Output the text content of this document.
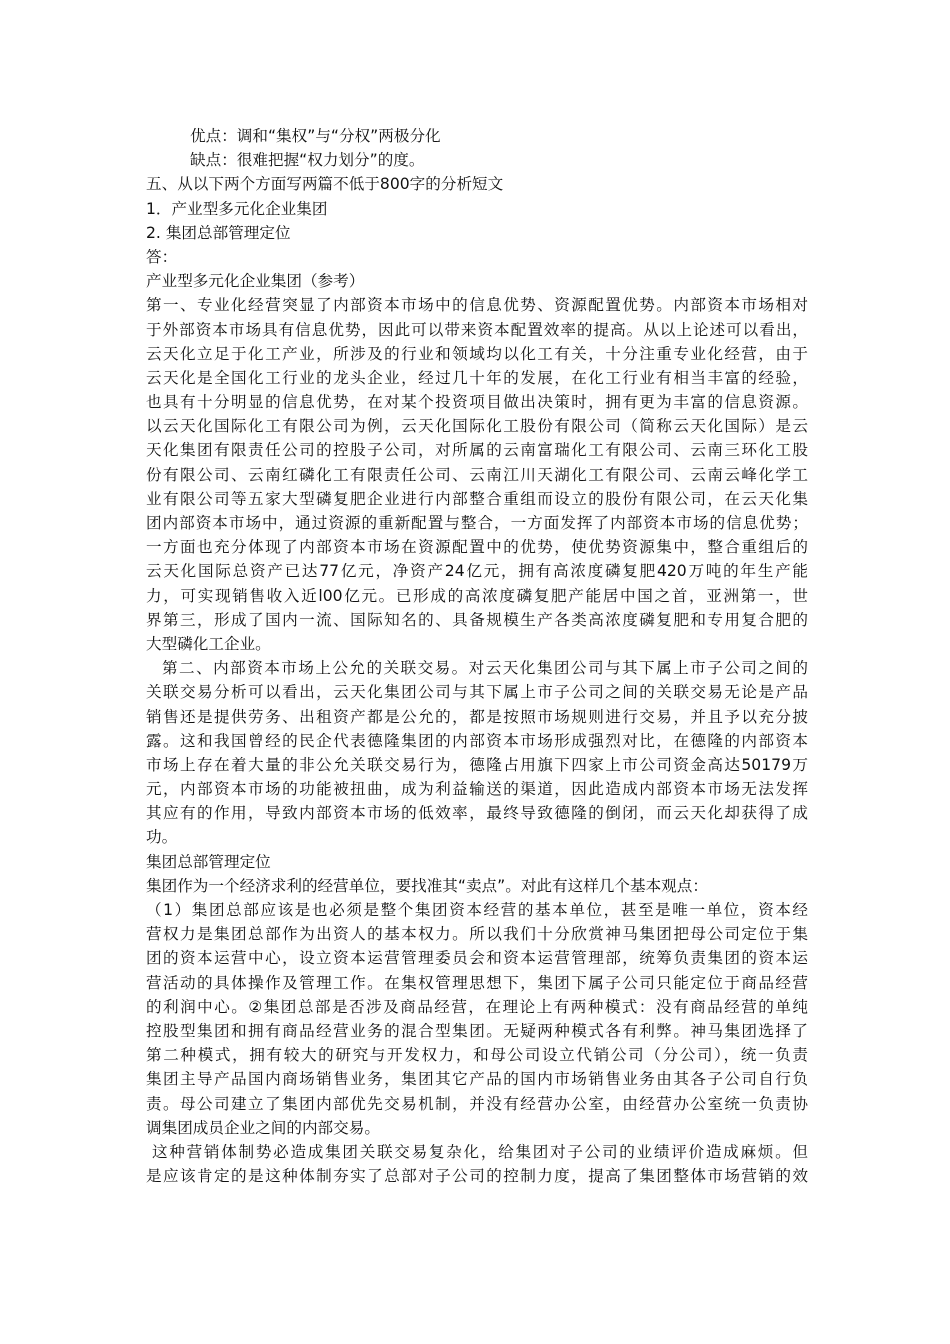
优点：调和“集权”与“分权”两极分化
缺点：很难把握“权力划分”的度。
五、从以下两个方面写两篇不低于800字的分析短文
1．产业型多元化企业集团
2. 集团总部管理定位
答：
产业型多元化企业集团（参考）
第一、专业化经营突显了内部资本市场中的信息优势、资源配置优势。内部资本市场相对
于外部资本市场具有信息优势，因此可以带来资本配置效率的提高。从以上论述可以看出，
云天化立足于化工产业，所涉及的行业和领域均以化工有关，十分注重专业化经营，由于
云天化是全国化工行业的龙头企业，经过几十年的发展，在化工行业有相当丰富的经验，
也具有十分明显的信息优势，在对某个投资项目做出决策时，拥有更为丰富的信息资源。
以云天化国际化工有限公司为例，云天化国际化工股份有限公司（简称云天化国际）是云
天化集团有限责任公司的控股子公司，对所属的云南富瑞化工有限公司、云南三环化工股
份有限公司、云南红磷化工有限责任公司、云南江川天湖化工有限公司、云南云峰化学工
业有限公司等五家大型磷复肥企业进行内部整合重组而设立的股份有限公司，在云天化集
团内部资本市场中，通过资源的重新配置与整合，一方面发挥了内部资本市场的信息优势；
一方面也充分体现了内部资本市场在资源配置中的优势，使优势资源集中，整合重组后的
云天化国际总资产已达77亿元，净资产24亿元，拥有高浓度磷复肥420万吨的年生产能
力，可实现销售收入近l00亿元。已形成的高浓度磷复肥产能居中国之首，亚洲第一，世
界第三，形成了国内一流、国际知名的、具备规模生产各类高浓度磷复肥和专用复合肥的
大型磷化工企业。
第二、内部资本市场上公允的关联交易。对云天化集团公司与其下属上市子公司之间的
关联交易分析可以看出，云天化集团公司与其下属上市子公司之间的关联交易无论是产品
销售还是提供劳务、出租资产都是公允的，都是按照市场规则进行交易，并且予以充分披
露。这和我国曾经的民企代表德隆集团的内部资本市场形成强烈对比，在德隆的内部资本
市场上存在着大量的非公允关联交易行为，德隆占用旗下四家上市公司资金高达50179万
元，内部资本市场的功能被扭曲，成为利益输送的渠道，因此造成内部资本市场无法发挥
其应有的作用，导致内部资本市场的低效率，最终导致德隆的倒闭，而云天化却获得了成
功。
集团总部管理定位
集团作为一个经济求利的经营单位，要找准其“卖点”。对此有这样几个基本观点：
（1）集团总部应该是也必须是整个集团资本经营的基本单位，甚至是唯一单位，资本经
营权力是集团总部作为出资人的基本权力。所以我们十分欣赏神马集团把母公司定位于集
团的资本运营中心，设立资本运营管理委员会和资本运营管理部，统筹负责集团的资本运
营活动的具体操作及管理工作。在集权管理思想下，集团下属子公司只能定位于商品经营
的利润中心。②集团总部是否涉及商品经营，在理论上有两种模式：没有商品经营的单纯
控股型集团和拥有商品经营业务的混合型集团。无疑两种模式各有利弊。神马集团选择了
第二种模式，拥有较大的研究与开发权力，和母公司设立代销公司（分公司），统一负责
集团主导产品国内商场销售业务，集团其它产品的国内市场销售业务由其各子公司自行负
责。母公司建立了集团内部优先交易机制，并没有经营办公室，由经营办公室统一负责协
调集团成员企业之间的内部交易。
这种营销体制势必造成集团关联交易复杂化，给集团对子公司的业绩评价造成麻烦。但
是应该肯定的是这种体制夯实了总部对子公司的控制力度，提高了集团整体市场营销的效
